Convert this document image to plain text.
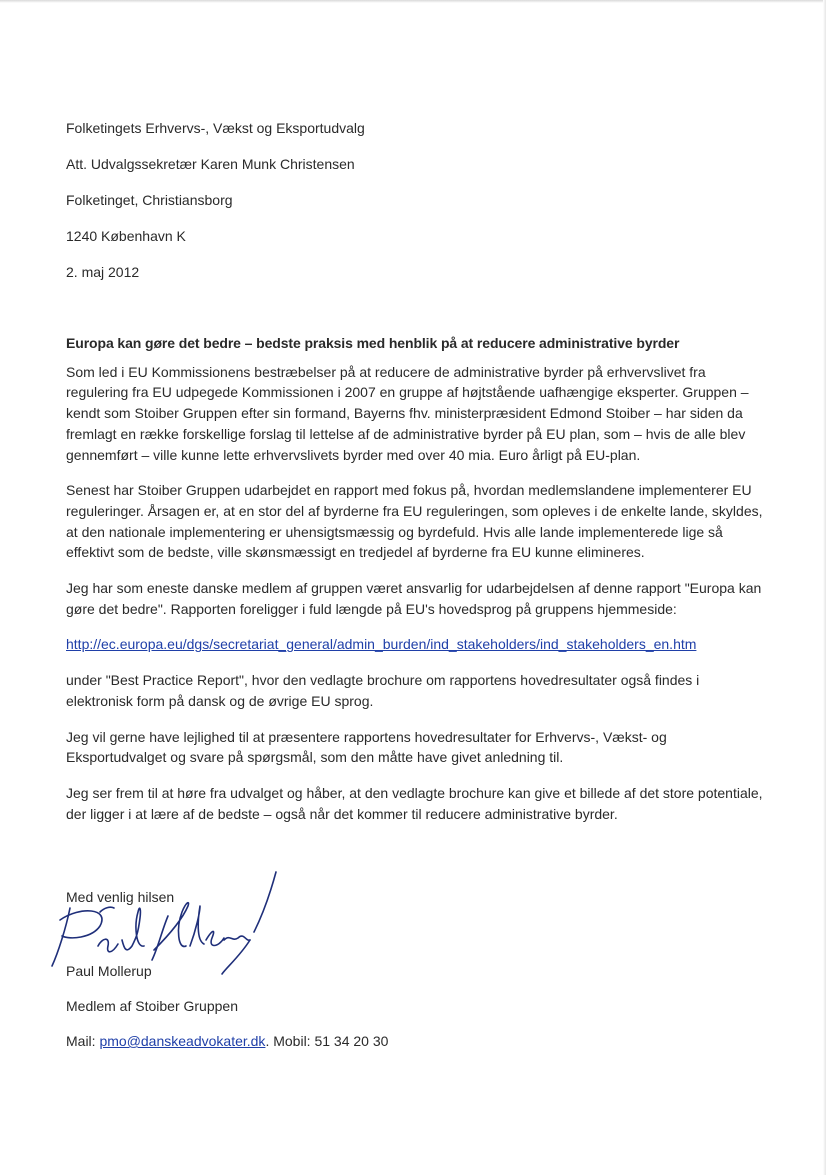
Folketingets Erhvervs-, Vækst og Eksportudvalg
Att. Udvalgssekretær Karen Munk Christensen
Folketinget, Christiansborg
1240 København K
2. maj 2012
Europa kan gøre det bedre – bedste praksis med henblik på at reducere administrative byrder

Som led i EU Kommissionens bestræbelser på at reducere de administrative byrder på erhvervslivet fra regulering fra EU udpegede Kommissionen i 2007 en gruppe af højtstående uafhængige eksperter. Gruppen – kendt som Stoiber Gruppen efter sin formand, Bayerns fhv. ministerpræsident Edmond Stoiber – har siden da fremlagt en række forskellige forslag til lettelse af de administrative byrder på EU plan, som – hvis de alle blev gennemført – ville kunne lette erhvervslivets byrder med over 40 mia. Euro årligt på EU-plan.

Senest har Stoiber Gruppen udarbejdet en rapport med fokus på, hvordan medlemslandene implementerer EU reguleringer. Årsagen er, at en stor del af byrderne fra EU reguleringen, som opleves i de enkelte lande, skyldes, at den nationale implementering er uhensigtsmæssig og byrdefuld. Hvis alle lande implementerede lige så effektivt som de bedste, ville skønsmæssigt en tredjedel af byrderne fra EU kunne elimineres.

Jeg har som eneste danske medlem af gruppen været ansvarlig for udarbejdelsen af denne rapport "Europa kan gøre det bedre". Rapporten foreligger i fuld længde på EU's hovedsprog på gruppens hjemmeside:

http://ec.europa.eu/dgs/secretariat_general/admin_burden/ind_stakeholders/ind_stakeholders_en.htm

under "Best Practice Report", hvor den vedlagte brochure om rapportens hovedresultater også findes i elektronisk form på dansk og de øvrige EU sprog.

Jeg vil gerne have lejlighed til at præsentere rapportens hovedresultater for Erhvervs-, Vækst- og Eksportudvalget og svare på spørgsmål, som den måtte have givet anledning til.

Jeg ser frem til at høre fra udvalget og håber, at den vedlagte brochure kan give et billede af det store potentiale, der ligger i at lære af de bedste – også når det kommer til reducere administrative byrder.

Med venlig hilsen
Paul Mollerup
Medlem af Stoiber Gruppen
Mail: pmo@danskeadvokater.dk. Mobil: 51 34 20 30
